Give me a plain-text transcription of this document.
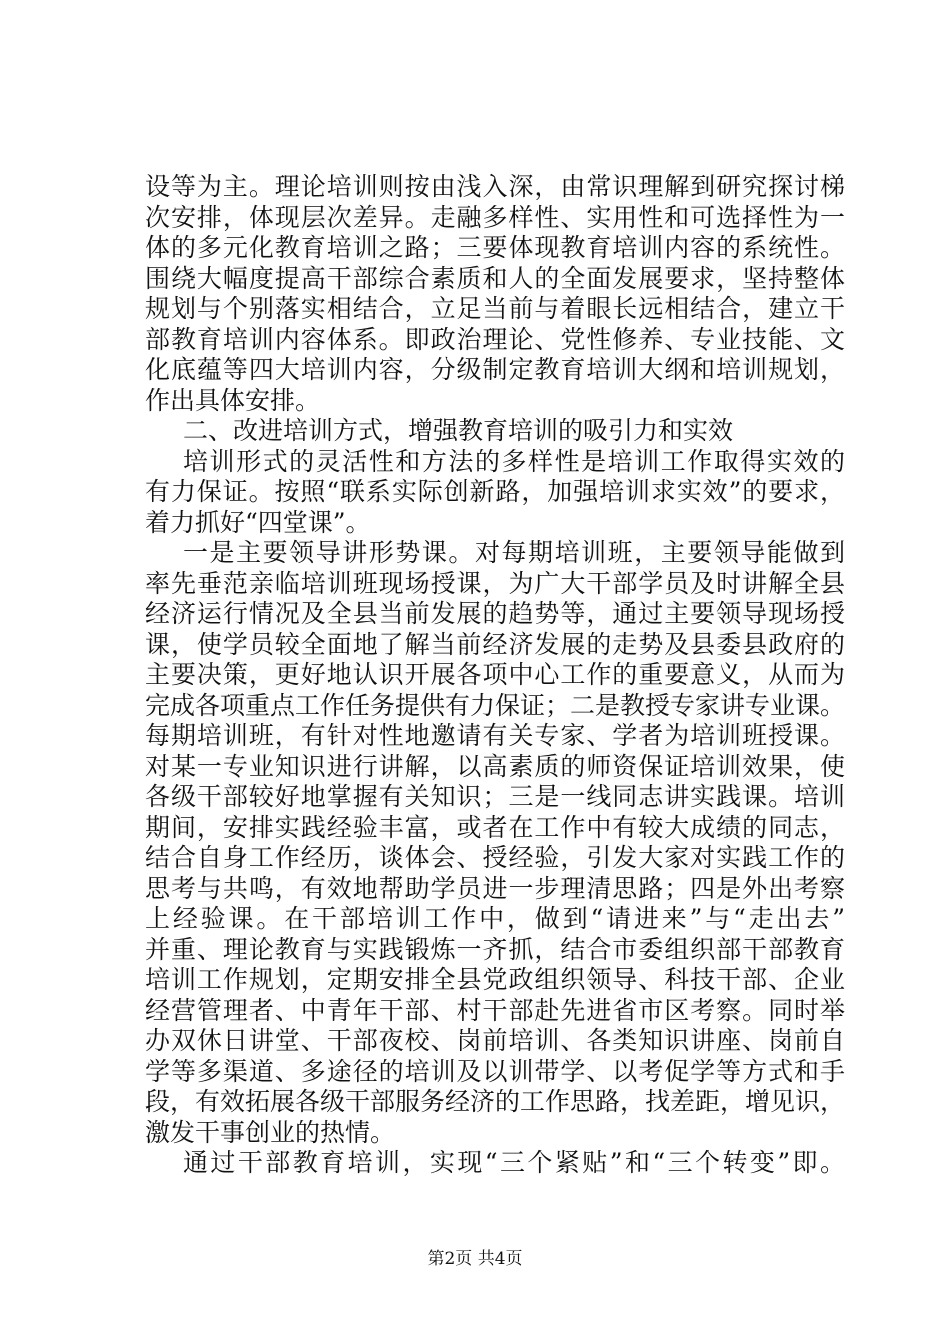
设等为主。理论培训则按由浅入深，由常识理解到研究探讨梯
次安排，体现层次差异。走融多样性、实用性和可选择性为一
体的多元化教育培训之路；三要体现教育培训内容的系统性。
围绕大幅度提高干部综合素质和人的全面发展要求，坚持整体
规划与个别落实相结合，立足当前与着眼长远相结合，建立干
部教育培训内容体系。即政治理论、党性修养、专业技能、文
化底蕴等四大培训内容，分级制定教育培训大纲和培训规划，
作出具体安排。
二、改进培训方式，增强教育培训的吸引力和实效
培训形式的灵活性和方法的多样性是培训工作取得实效的
有力保证。按照“联系实际创新路，加强培训求实效”的要求，
着力抓好“四堂课”。
一是主要领导讲形势课。对每期培训班，主要领导能做到
率先垂范亲临培训班现场授课，为广大干部学员及时讲解全县
经济运行情况及全县当前发展的趋势等，通过主要领导现场授
课，使学员较全面地了解当前经济发展的走势及县委县政府的
主要决策，更好地认识开展各项中心工作的重要意义，从而为
完成各项重点工作任务提供有力保证；二是教授专家讲专业课。
每期培训班，有针对性地邀请有关专家、学者为培训班授课。
对某一专业知识进行讲解，以高素质的师资保证培训效果，使
各级干部较好地掌握有关知识；三是一线同志讲实践课。培训
期间，安排实践经验丰富，或者在工作中有较大成绩的同志，
结合自身工作经历，谈体会、授经验，引发大家对实践工作的
思考与共鸣，有效地帮助学员进一步理清思路；四是外出考察
上经验课。在干部培训工作中，做到“请进来”与“走出去”
并重、理论教育与实践锻炼一齐抓，结合市委组织部干部教育
培训工作规划，定期安排全县党政组织领导、科技干部、企业
经营管理者、中青年干部、村干部赴先进省市区考察。同时举
办双休日讲堂、干部夜校、岗前培训、各类知识讲座、岗前自
学等多渠道、多途径的培训及以训带学、以考促学等方式和手
段，有效拓展各级干部服务经济的工作思路，找差距，增见识，
激发干事创业的热情。
通过干部教育培训，实现“三个紧贴”和“三个转变”即。
第2页 共4页
